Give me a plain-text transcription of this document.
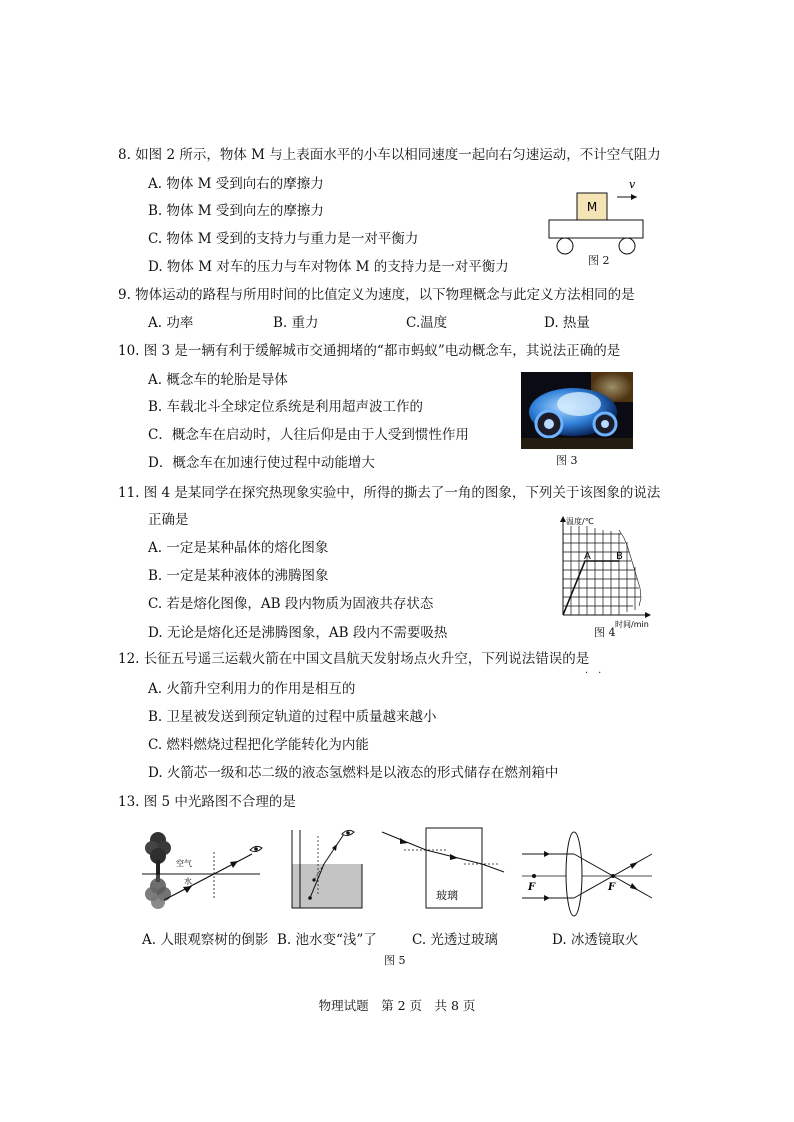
8. 如图 2 所示，物体 M 与上表面水平的小车以相同速度一起向右匀速运动，不计空气阻力
A. 物体 M 受到向右的摩擦力
B. 物体 M 受到向左的摩擦力
C. 物体 M 受到的支持力与重力是一对平衡力
D. 物体 M 对车的压力与车对物体 M 的支持力是一对平衡力
M
v
图 2
9. 物体运动的路程与所用时间的比值定义为速度，以下物理概念与此定义方法相同的是
A. 功率	B. 重力	C.温度	D. 热量
10. 图 3 是一辆有利于缓解城市交通拥堵的“都市蚂蚁”电动概念车，其说法正确的是
A. 概念车的轮胎是导体
B. 车载北斗全球定位系统是利用超声波工作的
C．概念车在启动时，人往后仰是由于人受到惯性作用
D．概念车在加速行使过程中动能增大	图 3
11. 图 4 是某同学在探究热现象实验中，所得的撕去了一角的图象，下列关于该图象的说法
正确是
A. 一定是某种晶体的熔化图象
B. 一定是某种液体的沸腾图象
C. 若是熔化图像，AB 段内物质为固液共存状态
D. 无论是熔化还是沸腾图象，AB 段内不需要吸热
温度/℃
A	B
时间/min
图 4
12. 长征五号遥三运载火箭在中国文昌航天发射场点火升空，下列说法错误的是
·　·
A. 火箭升空利用力的作用是相互的
B. 卫星被发送到预定轨道的过程中质量越来越小
C. 燃料燃烧过程把化学能转化为内能
D. 火箭芯一级和芯二级的液态氢燃料是以液态的形式储存在燃剂箱中
13. 图 5 中光路图不合理的是
空气
水
玻璃
F	F
A. 人眼观察树的倒影 B. 池水变“浅”了	C. 光透过玻璃	D. 冰透镜取火
图 5
物理试题　第 2 页　共 8 页
